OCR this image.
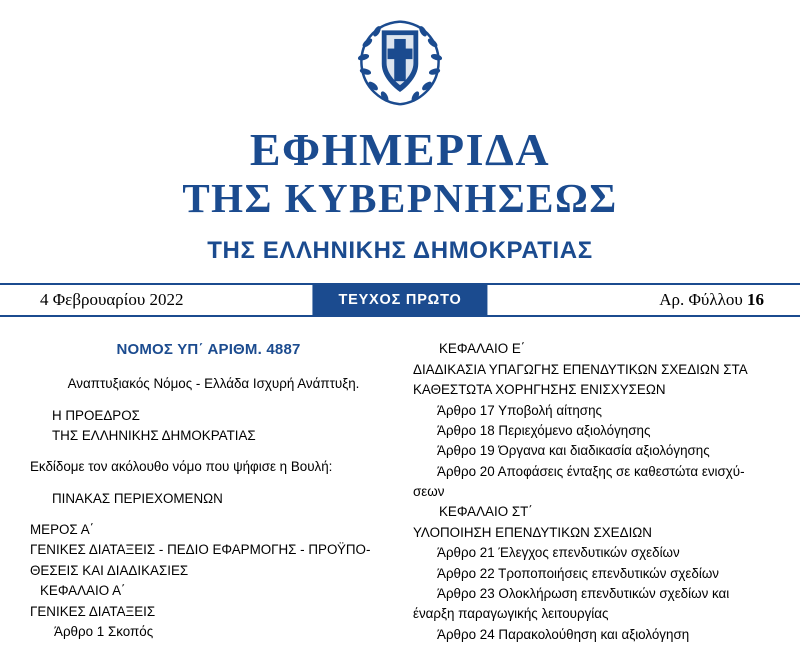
ΕΦΗΜΕΡΙΔΑ
ΤΗΣ ΚΥΒΕΡΝΗΣΕΩΣ
ΤΗΣ ΕΛΛΗΝΙΚΗΣ ΔΗΜΟΚΡΑΤΙΑΣ
4 Φεβρουαρίου 2022	ΤΕΥΧΟΣ ΠΡΩΤΟ	Αρ. Φύλλου
16
ΝΟΜΟΣ ΥΠ΄ ΑΡΙΘΜ. 4887
Αναπτυξιακός Νόμος - Ελλάδα Ισχυρή Ανάπτυξη.
Η ΠΡΟΕΔΡΟΣ
ΤΗΣ ΕΛΛΗΝΙΚΗΣ ΔΗΜΟΚΡΑΤΙΑΣ
Εκδίδομε τον ακόλουθο νόμο που ψήφισε η Βουλή:
ΠΙΝΑΚΑΣ ΠΕΡΙΕΧΟΜΕΝΩΝ
ΜΕΡΟΣ Α΄
ΓΕΝΙΚΕΣ ΔΙΑΤΑΞΕΙΣ - ΠΕΔΙΟ ΕΦΑΡΜΟΓΗΣ - ΠΡΟΫΠΟ-
ΘΕΣΕΙΣ ΚΑΙ ΔΙΑΔΙΚΑΣΙΕΣ
ΚΕΦΑΛΑΙΟ Α΄
ΓΕΝΙΚΕΣ ΔΙΑΤΑΞΕΙΣ
Άρθρο 1 Σκοπός
ΚΕΦΑΛΑΙΟ Ε΄
ΔΙΑΔΙΚΑΣΙΑ ΥΠΑΓΩΓΗΣ ΕΠΕΝΔΥΤΙΚΩΝ ΣΧΕΔΙΩΝ ΣΤΑ
ΚΑΘΕΣΤΩΤΑ ΧΟΡΗΓΗΣΗΣ ΕΝΙΣΧΥΣΕΩΝ
Άρθρο 17 Υποβολή αίτησης
Άρθρο 18 Περιεχόμενο αξιολόγησης
Άρθρο 19 Όργανα και διαδικασία αξιολόγησης
Άρθρο 20 Αποφάσεις ένταξης σε καθεστώτα ενισχύ-
σεων
ΚΕΦΑΛΑΙΟ ΣΤ΄
ΥΛΟΠΟΙΗΣΗ ΕΠΕΝΔΥΤΙΚΩΝ ΣΧΕΔΙΩΝ
Άρθρο 21 Έλεγχος επενδυτικών σχεδίων
Άρθρο 22 Τροποποιήσεις επενδυτικών σχεδίων
Άρθρο 23 Ολοκλήρωση επενδυτικών σχεδίων και
έναρξη παραγωγικής λειτουργίας
Άρθρο 24 Παρακολούθηση και αξιολόγηση
